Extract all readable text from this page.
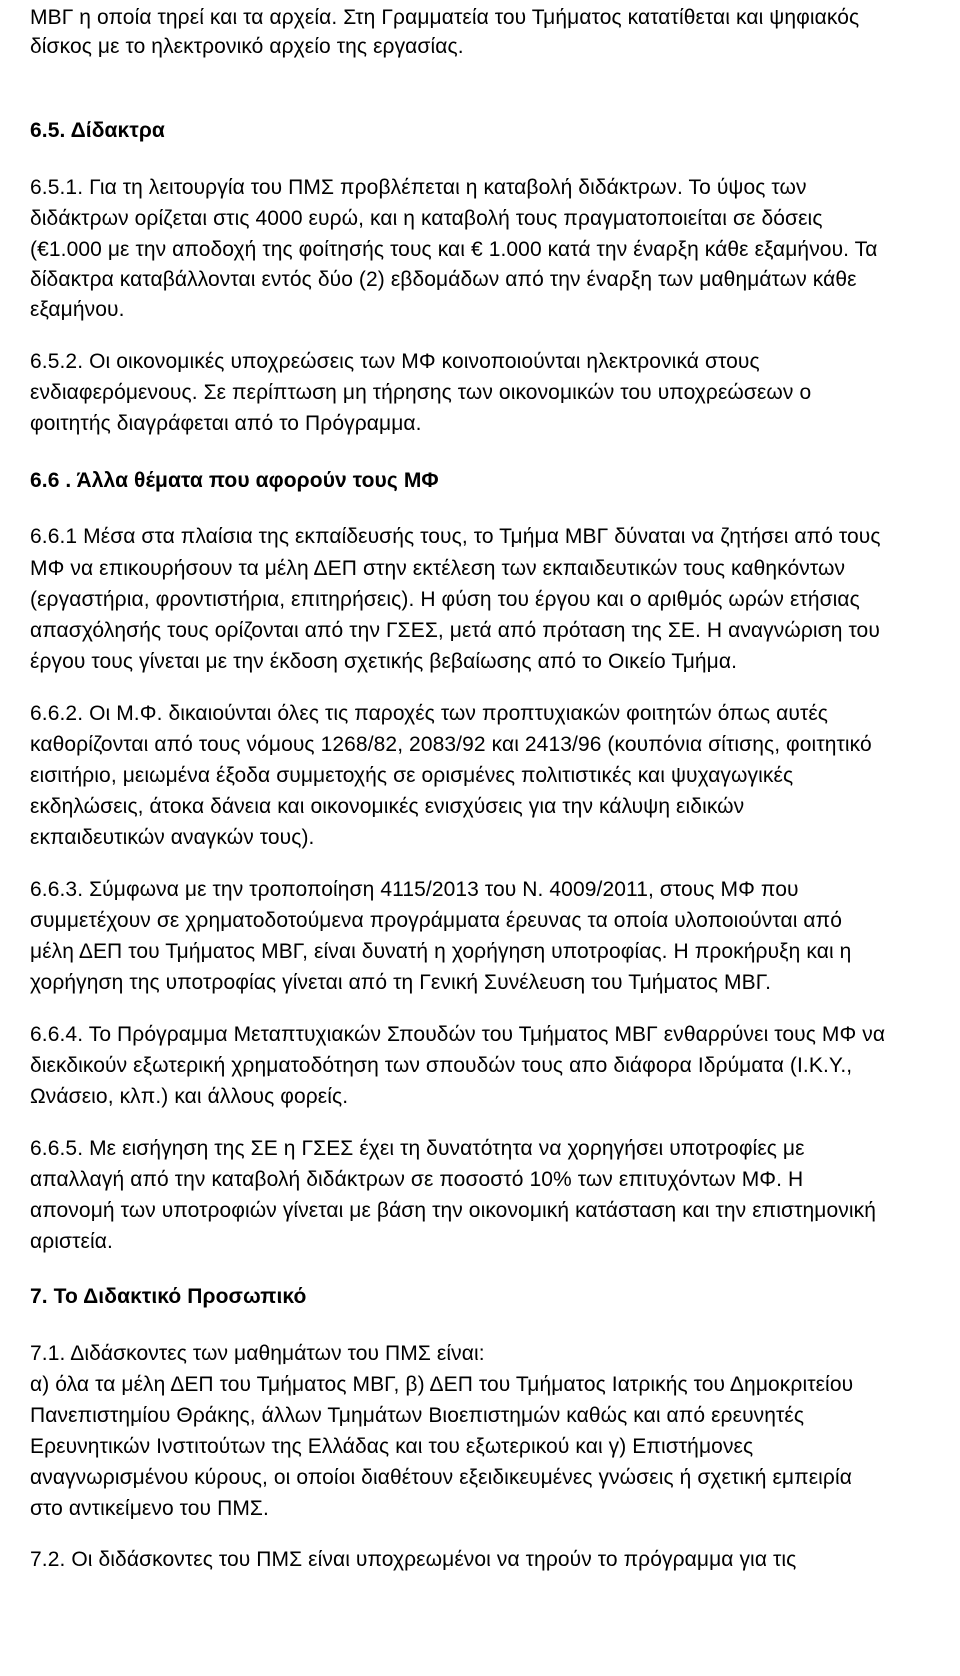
ΜΒΓ η οποία τηρεί και τα αρχεία. Στη Γραμματεία του Τμήματος κατατίθεται και ψηφιακός
δίσκος με το ηλεκτρονικό αρχείο της εργασίας.
6.5. Δίδακτρα
6.5.1. Για τη λειτουργία του ΠΜΣ προβλέπεται η καταβολή διδάκτρων. Το ύψος των
διδάκτρων ορίζεται στις 4000 ευρώ, και η καταβολή τους πραγματοποιείται σε δόσεις
(€1.000 με την αποδοχή της φοίτησής τους και € 1.000 κατά την έναρξη κάθε εξαμήνου. Τα
δίδακτρα καταβάλλονται εντός δύο (2) εβδομάδων από την έναρξη των μαθημάτων κάθε
εξαμήνου.
6.5.2. Οι οικονομικές υποχρεώσεις των ΜΦ κοινοποιούνται ηλεκτρονικά στους
ενδιαφερόμενους. Σε περίπτωση μη τήρησης των οικονομικών του υποχρεώσεων ο
φοιτητής διαγράφεται από το Πρόγραμμα.
6.6 . Άλλα θέματα που αφορούν τους ΜΦ
6.6.1 Μέσα στα πλαίσια της εκπαίδευσής τους, το Τμήμα ΜΒΓ δύναται να ζητήσει από τους
ΜΦ να επικουρήσουν τα μέλη ΔΕΠ στην εκτέλεση των εκπαιδευτικών τους καθηκόντων
(εργαστήρια, φροντιστήρια, επιτηρήσεις). Η φύση του έργου και ο αριθμός ωρών ετήσιας
απασχόλησής τους ορίζονται από την ΓΣΕΣ, μετά από πρόταση της ΣΕ. Η αναγνώριση του
έργου τους γίνεται με την έκδοση σχετικής βεβαίωσης από το Οικείο Τμήμα.
6.6.2. Οι Μ.Φ. δικαιούνται όλες τις παροχές των προπτυχιακών φοιτητών όπως αυτές
καθορίζονται από τους νόμους 1268/82, 2083/92 και 2413/96 (κουπόνια σίτισης, φοιτητικό
εισιτήριο, μειωμένα έξοδα συμμετοχής σε ορισμένες πολιτιστικές και ψυχαγωγικές
εκδηλώσεις, άτοκα δάνεια και οικονομικές ενισχύσεις για την κάλυψη ειδικών
εκπαιδευτικών αναγκών τους).
6.6.3. Σύμφωνα με την τροποποίηση 4115/2013 του Ν. 4009/2011, στους ΜΦ που
συμμετέχουν σε χρηματοδοτούμενα προγράμματα έρευνας τα οποία υλοποιούνται από
μέλη ΔΕΠ του Τμήματος ΜΒΓ, είναι δυνατή η χορήγηση υποτροφίας. Η προκήρυξη και η
χορήγηση της υποτροφίας γίνεται από τη Γενική Συνέλευση του Τμήματος ΜΒΓ.
6.6.4. Το Πρόγραμμα Μεταπτυχιακών Σπουδών του Τμήματος ΜΒΓ ενθαρρύνει τους ΜΦ να
διεκδικούν εξωτερική χρηματοδότηση των σπουδών τους απο διάφορα Ιδρύματα (Ι.Κ.Υ.,
Ωνάσειο, κλπ.) και άλλους φορείς.
6.6.5. Με εισήγηση της ΣΕ η ΓΣΕΣ έχει τη δυνατότητα να χορηγήσει υποτροφίες με
απαλλαγή από την καταβολή διδάκτρων σε ποσοστό 10% των επιτυχόντων ΜΦ. Η
απονομή των υποτροφιών γίνεται με βάση την οικονομική κατάσταση και την επιστημονική
αριστεία.
7. Το Διδακτικό Προσωπικό
7.1. Διδάσκοντες των μαθημάτων του ΠΜΣ είναι:
α) όλα τα μέλη ΔΕΠ του Τμήματος ΜΒΓ, β) ΔΕΠ του Τμήματος Ιατρικής του Δημοκριτείου
Πανεπιστημίου Θράκης, άλλων Τμημάτων Βιοεπιστημών καθώς και από ερευνητές
Ερευνητικών Ινστιτούτων της Ελλάδας και του εξωτερικού και γ) Επιστήμονες
αναγνωρισμένου κύρους, οι οποίοι διαθέτουν εξειδικευμένες γνώσεις ή σχετική εμπειρία
στο αντικείμενο του ΠΜΣ.
7.2. Οι διδάσκοντες του ΠΜΣ είναι υποχρεωμένοι να τηρούν το πρόγραμμα για τις
